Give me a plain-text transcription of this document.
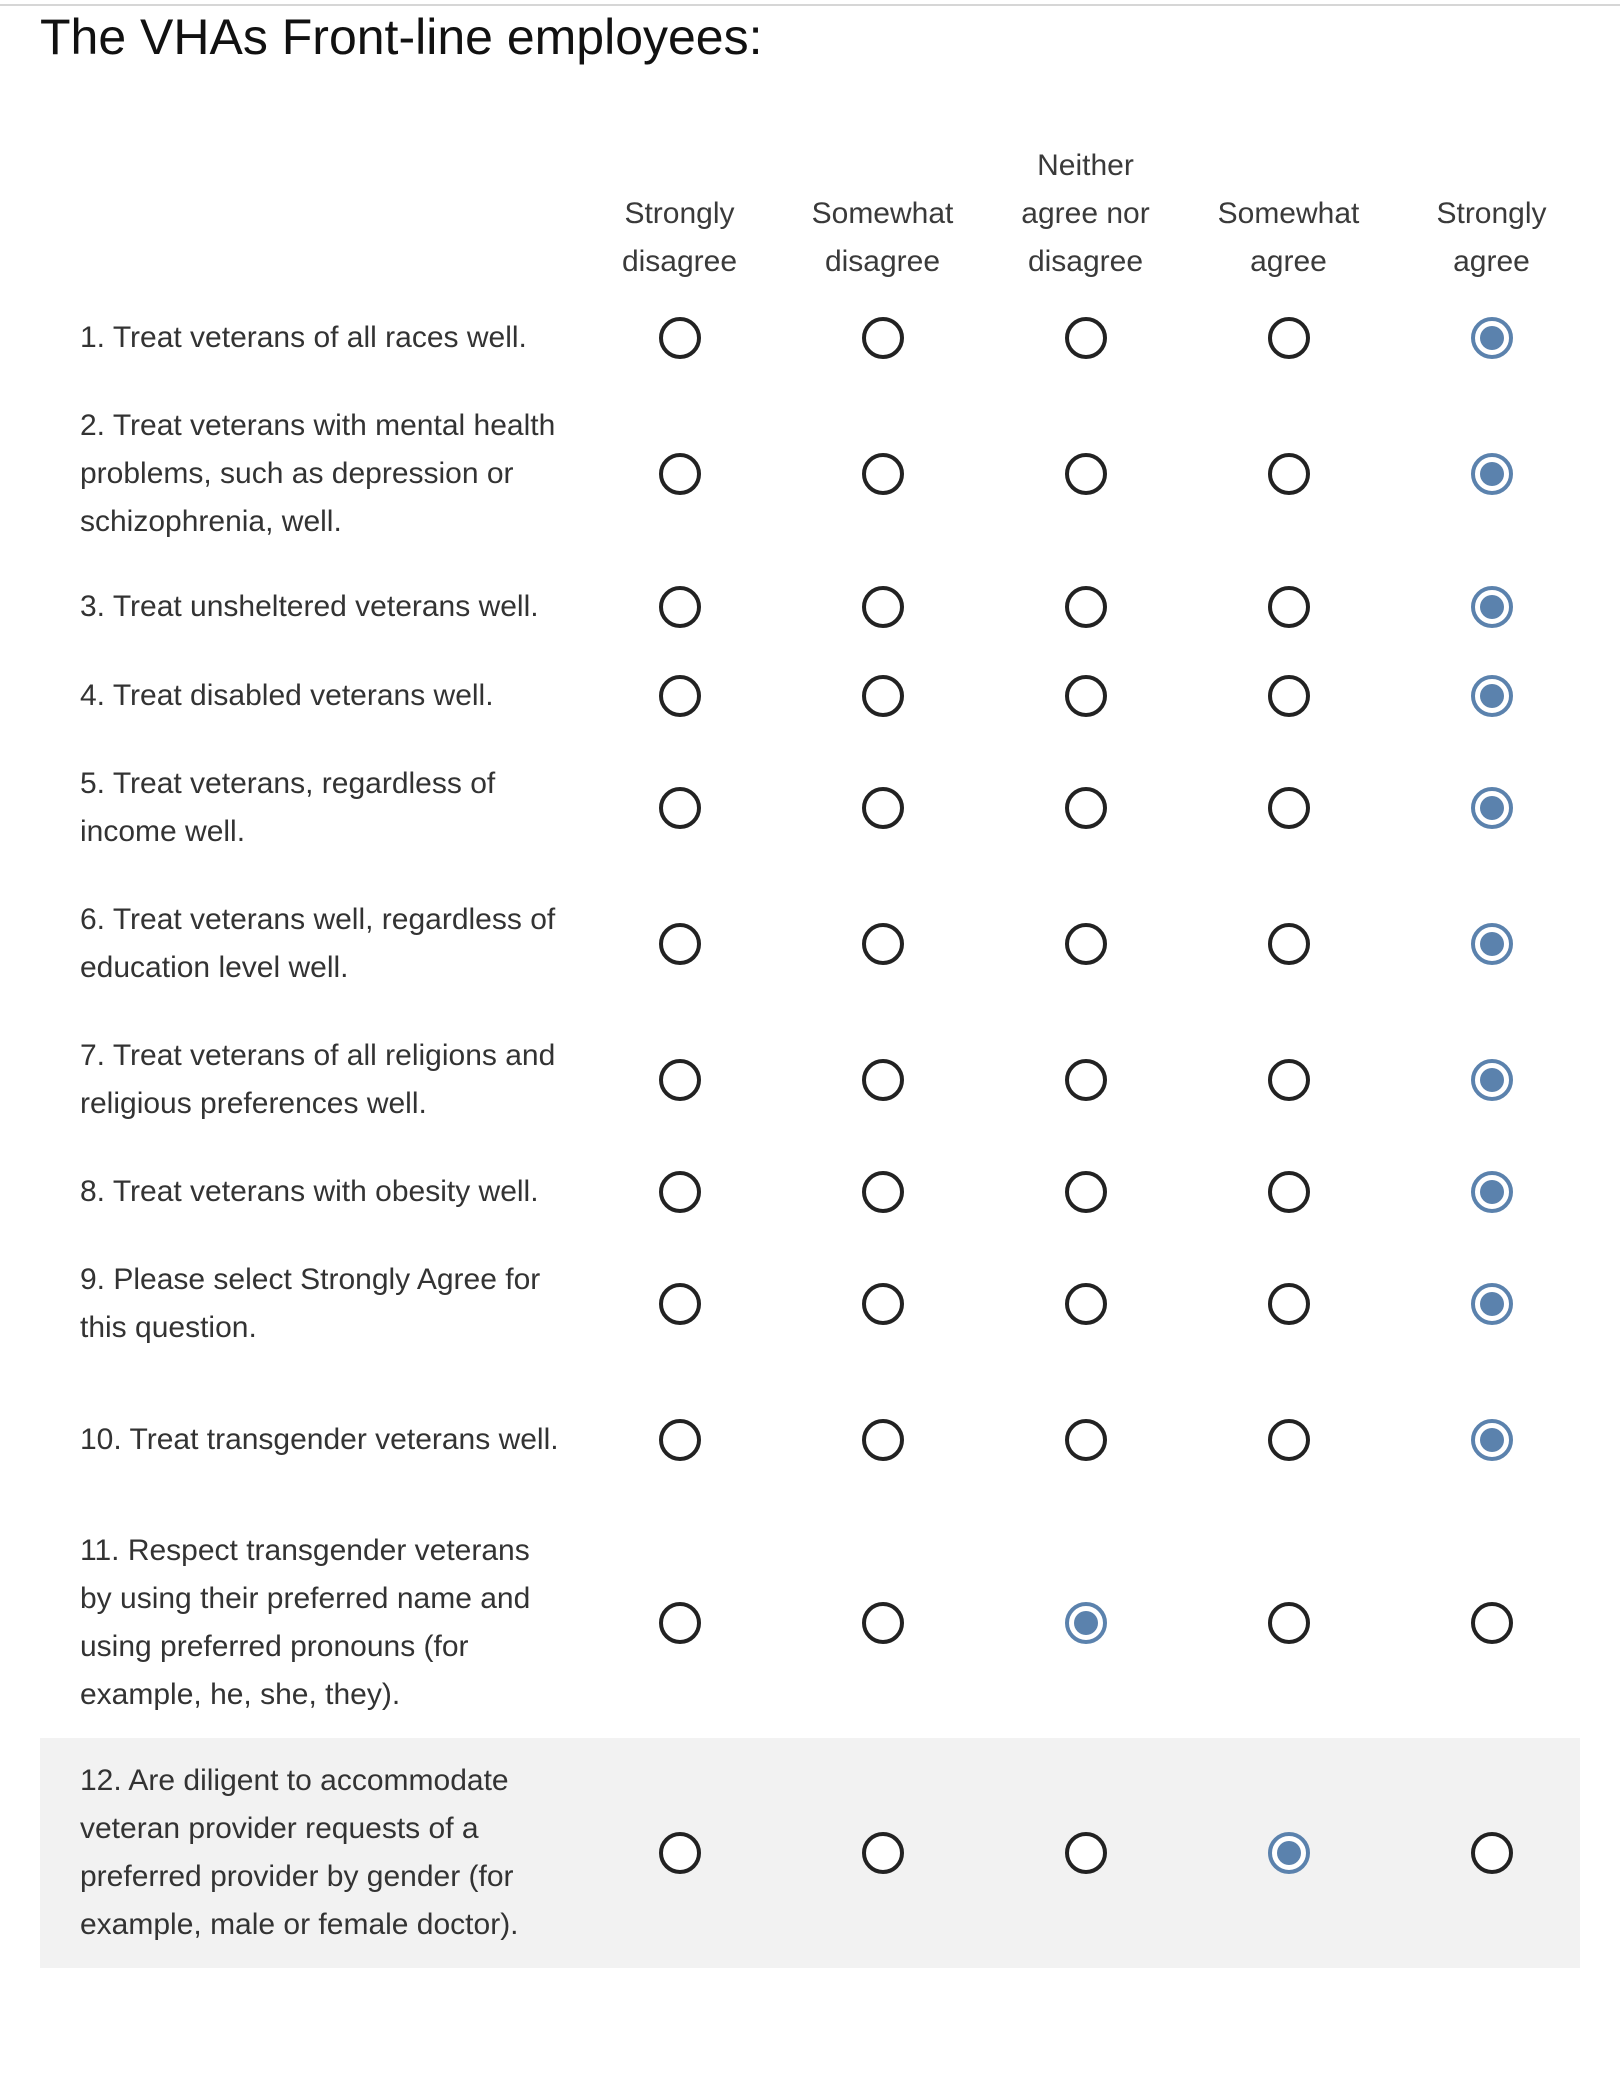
The VHAs Front-line employees:
Strongly
disagree
Somewhat
disagree
Neither
agree nor
disagree
Somewhat
agree
Strongly
agree
1. Treat veterans of all races well.
2. Treat veterans with mental health problems, such as depression or schizophrenia, well.
3. Treat unsheltered veterans well.
4. Treat disabled veterans well.
5. Treat veterans, regardless of income well.
6. Treat veterans well, regardless of education level well.
7. Treat veterans of all religions and religious preferences well.
8. Treat veterans with obesity well.
9. Please select Strongly Agree for this question.
10. Treat transgender veterans well.
11. Respect transgender veterans by using their preferred name and using preferred pronouns (for example, he, she, they).
12. Are diligent to accommodate veteran provider requests of a preferred provider by gender (for example, male or female doctor).
